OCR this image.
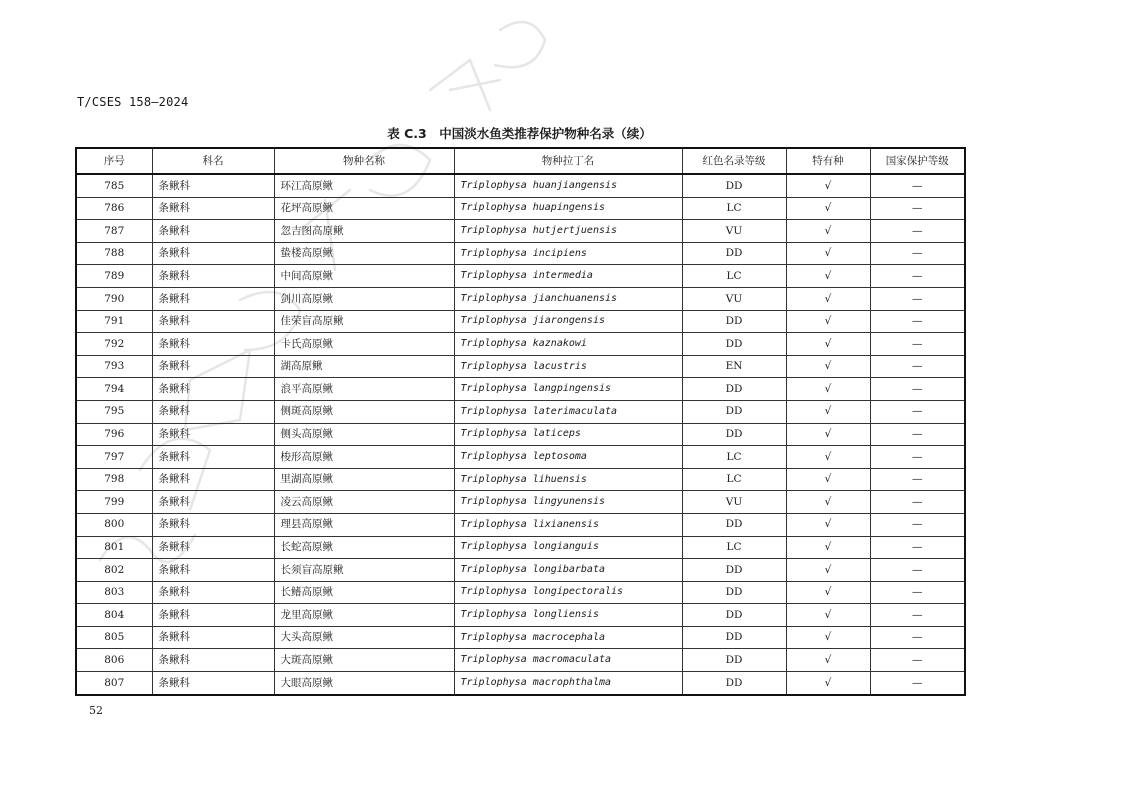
T/CSES 158—2024
表 C.3　中国淡水鱼类推荐保护物种名录（续）
序号	科名	物种名称	物种拉丁名	红色名录等级	特有种	国家保护等级
785	条鳅科	环江高原鳅	Triplophysa huanjiangensis	DD	√	—
786	条鳅科	花坪高原鳅	Triplophysa huapingensis	LC	√	—
787	条鳅科	忽吉图高原鳅	Triplophysa hutjertjuensis	VU	√	—
788	条鳅科	蛰楼高原鳅	Triplophysa incipiens	DD	√	—
789	条鳅科	中间高原鳅	Triplophysa intermedia	LC	√	—
790	条鳅科	剑川高原鳅	Triplophysa jianchuanensis	VU	√	—
791	条鳅科	佳荣盲高原鳅	Triplophysa jiarongensis	DD	√	—
792	条鳅科	卡氏高原鳅	Triplophysa kaznakowi	DD	√	—
793	条鳅科	湖高原鳅	Triplophysa lacustris	EN	√	—
794	条鳅科	浪平高原鳅	Triplophysa langpingensis	DD	√	—
795	条鳅科	侧斑高原鳅	Triplophysa laterimaculata	DD	√	—
796	条鳅科	侧头高原鳅	Triplophysa laticeps	DD	√	—
797	条鳅科	梭形高原鳅	Triplophysa leptosoma	LC	√	—
798	条鳅科	里湖高原鳅	Triplophysa lihuensis	LC	√	—
799	条鳅科	凌云高原鳅	Triplophysa lingyunensis	VU	√	—
800	条鳅科	理县高原鳅	Triplophysa lixianensis	DD	√	—
801	条鳅科	长蛇高原鳅	Triplophysa longianguis	LC	√	—
802	条鳅科	长须盲高原鳅	Triplophysa longibarbata	DD	√	—
803	条鳅科	长鳍高原鳅	Triplophysa longipectoralis	DD	√	—
804	条鳅科	龙里高原鳅	Triplophysa longliensis	DD	√	—
805	条鳅科	大头高原鳅	Triplophysa macrocephala	DD	√	—
806	条鳅科	大斑高原鳅	Triplophysa macromaculata	DD	√	—
807	条鳅科	大眼高原鳅	Triplophysa macrophthalma	DD	√	—
52
